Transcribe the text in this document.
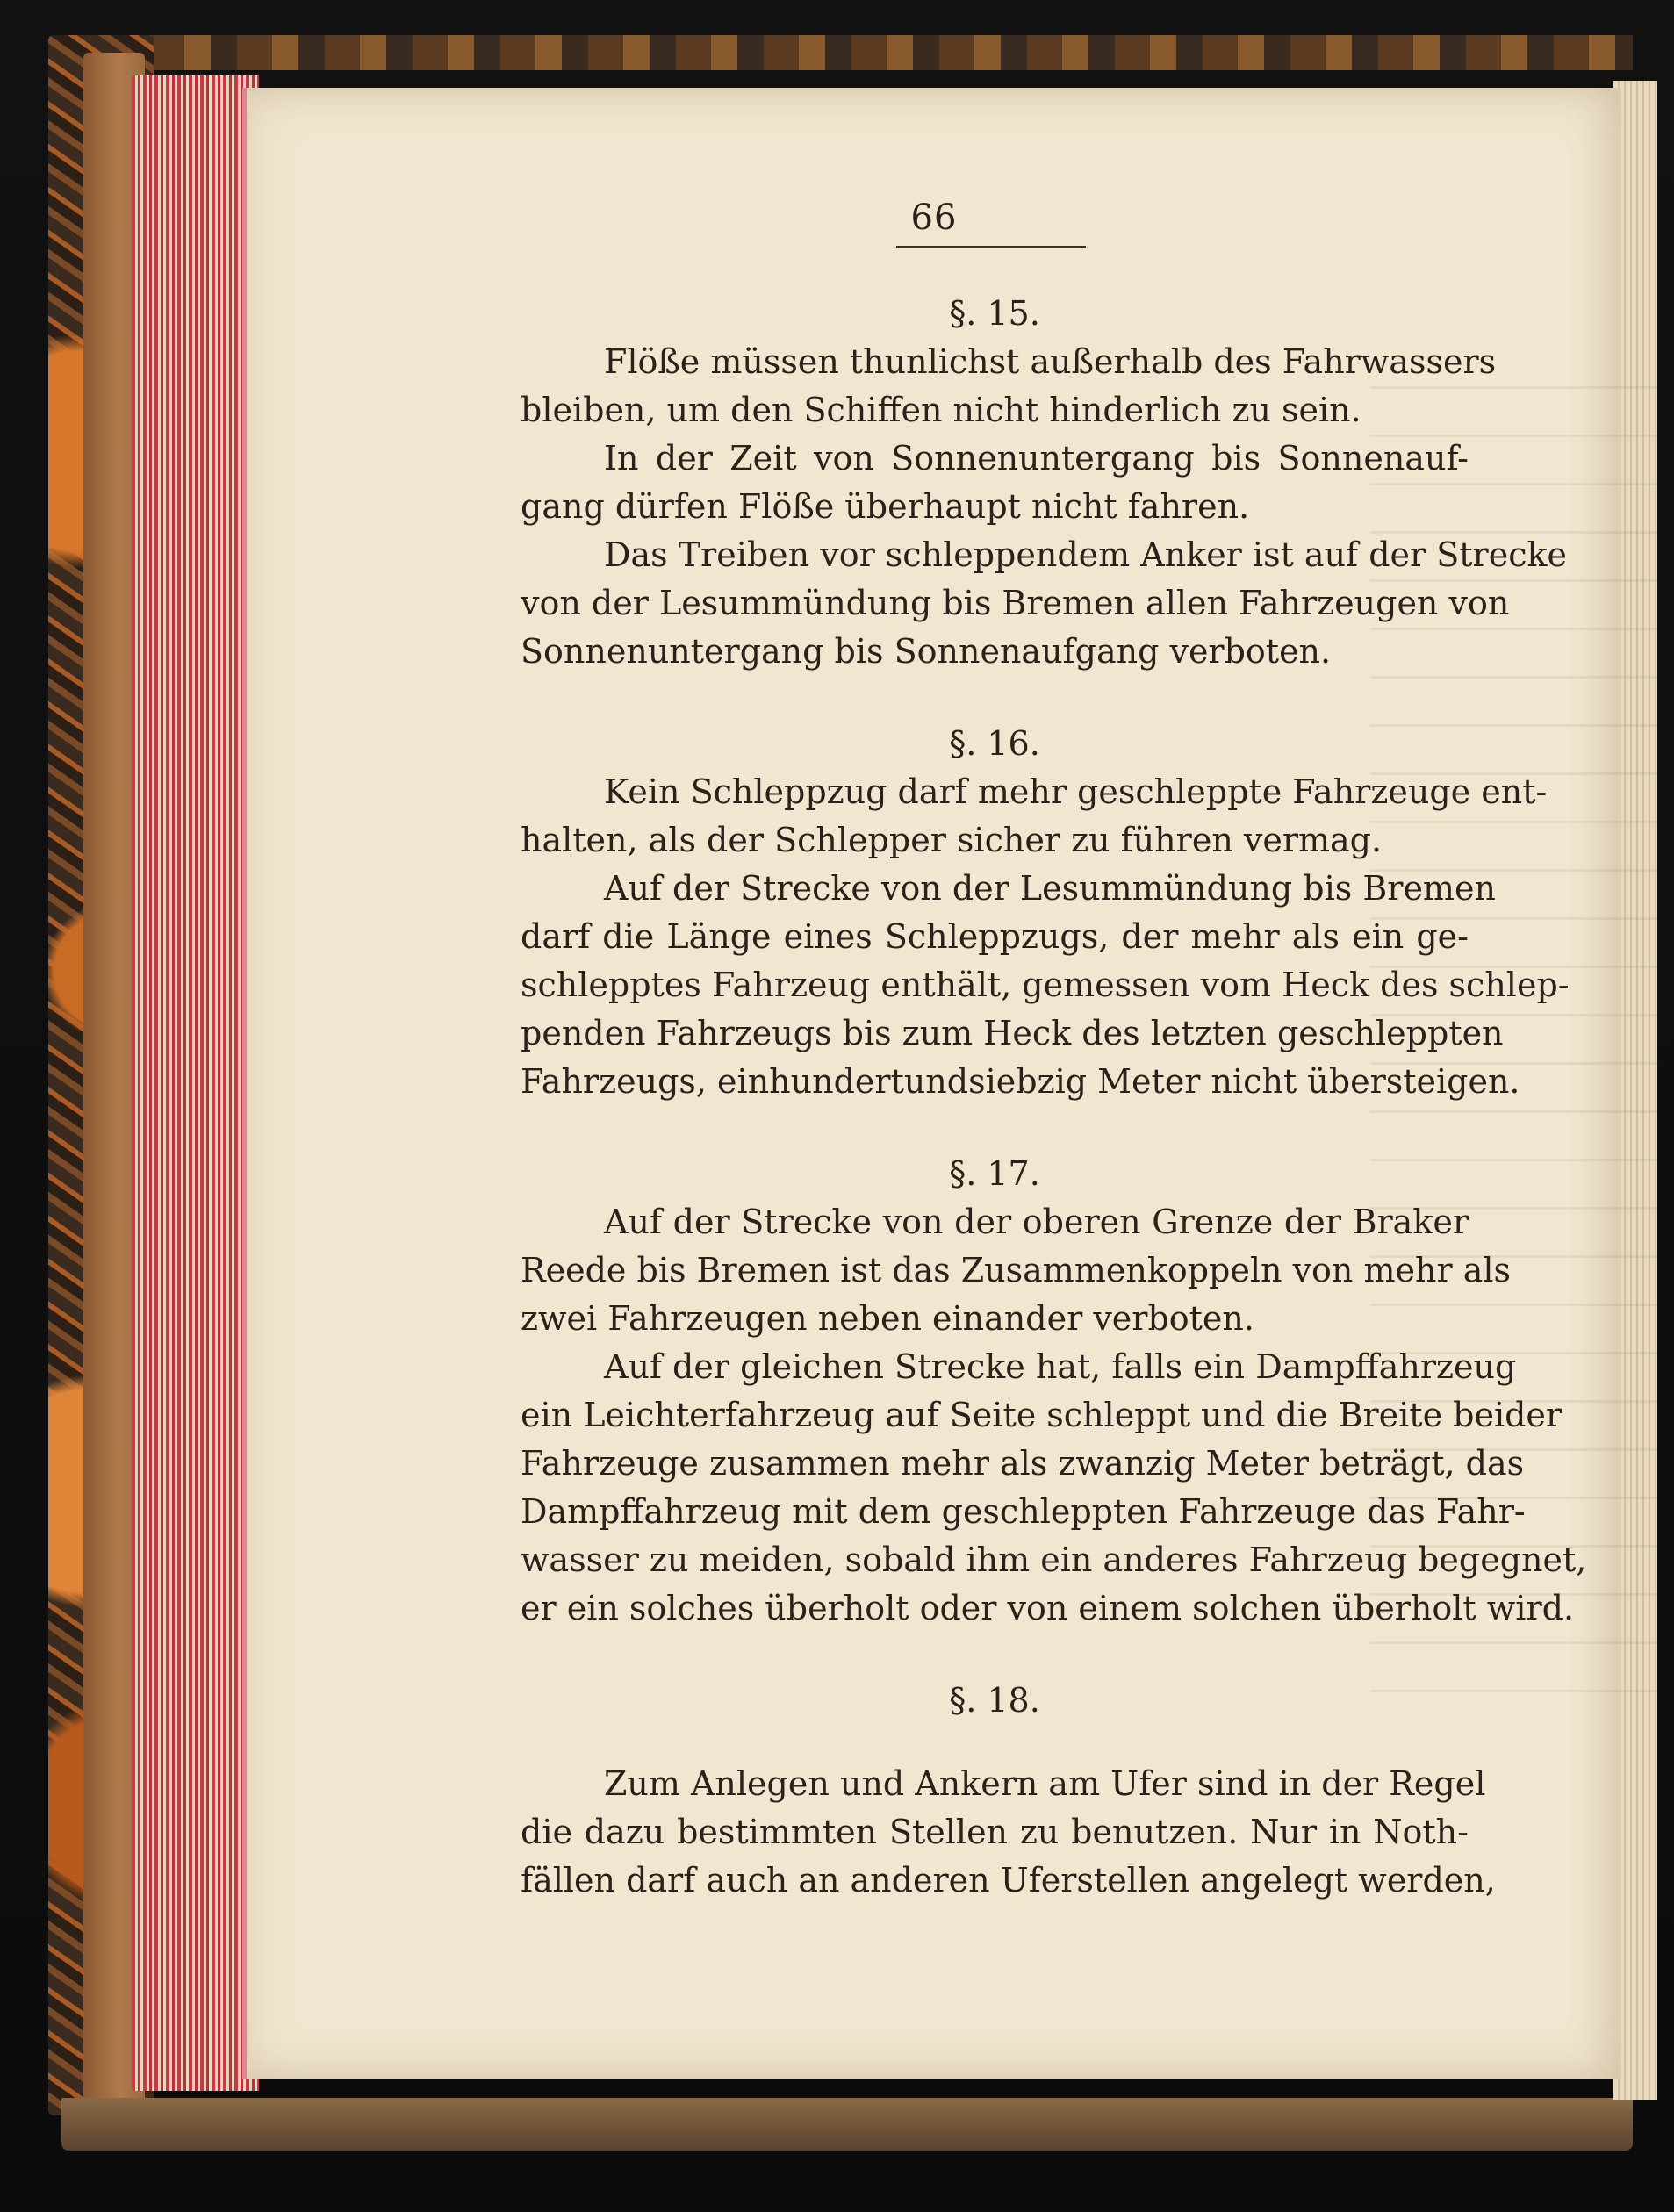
66

§. 15.

Flöße müssen thunlichst außerhalb des Fahrwassers
bleiben, um den Schiffen nicht hinderlich zu sein.
In der Zeit von Sonnenuntergang bis Sonnenauf-
gang dürfen Flöße überhaupt nicht fahren.
Das Treiben vor schleppendem Anker ist auf der Strecke
von der Lesummündung bis Bremen allen Fahrzeugen von
Sonnenuntergang bis Sonnenaufgang verboten.

§. 16.

Kein Schleppzug darf mehr geschleppte Fahrzeuge ent-
halten, als der Schlepper sicher zu führen vermag.
Auf der Strecke von der Lesummündung bis Bremen
darf die Länge eines Schleppzugs, der mehr als ein ge-
schlepptes Fahrzeug enthält, gemessen vom Heck des schlep-
penden Fahrzeugs bis zum Heck des letzten geschleppten
Fahrzeugs, einhundertundsiebzig Meter nicht übersteigen.

§. 17.

Auf der Strecke von der oberen Grenze der Braker
Reede bis Bremen ist das Zusammenkoppeln von mehr als
zwei Fahrzeugen neben einander verboten.
Auf der gleichen Strecke hat, falls ein Dampffahrzeug
ein Leichterfahrzeug auf Seite schleppt und die Breite beider
Fahrzeuge zusammen mehr als zwanzig Meter beträgt, das
Dampffahrzeug mit dem geschleppten Fahrzeuge das Fahr-
wasser zu meiden, sobald ihm ein anderes Fahrzeug begegnet,
er ein solches überholt oder von einem solchen überholt wird.

§. 18.

Zum Anlegen und Ankern am Ufer sind in der Regel
die dazu bestimmten Stellen zu benutzen. Nur in Noth-
fällen darf auch an anderen Uferstellen angelegt werden,
